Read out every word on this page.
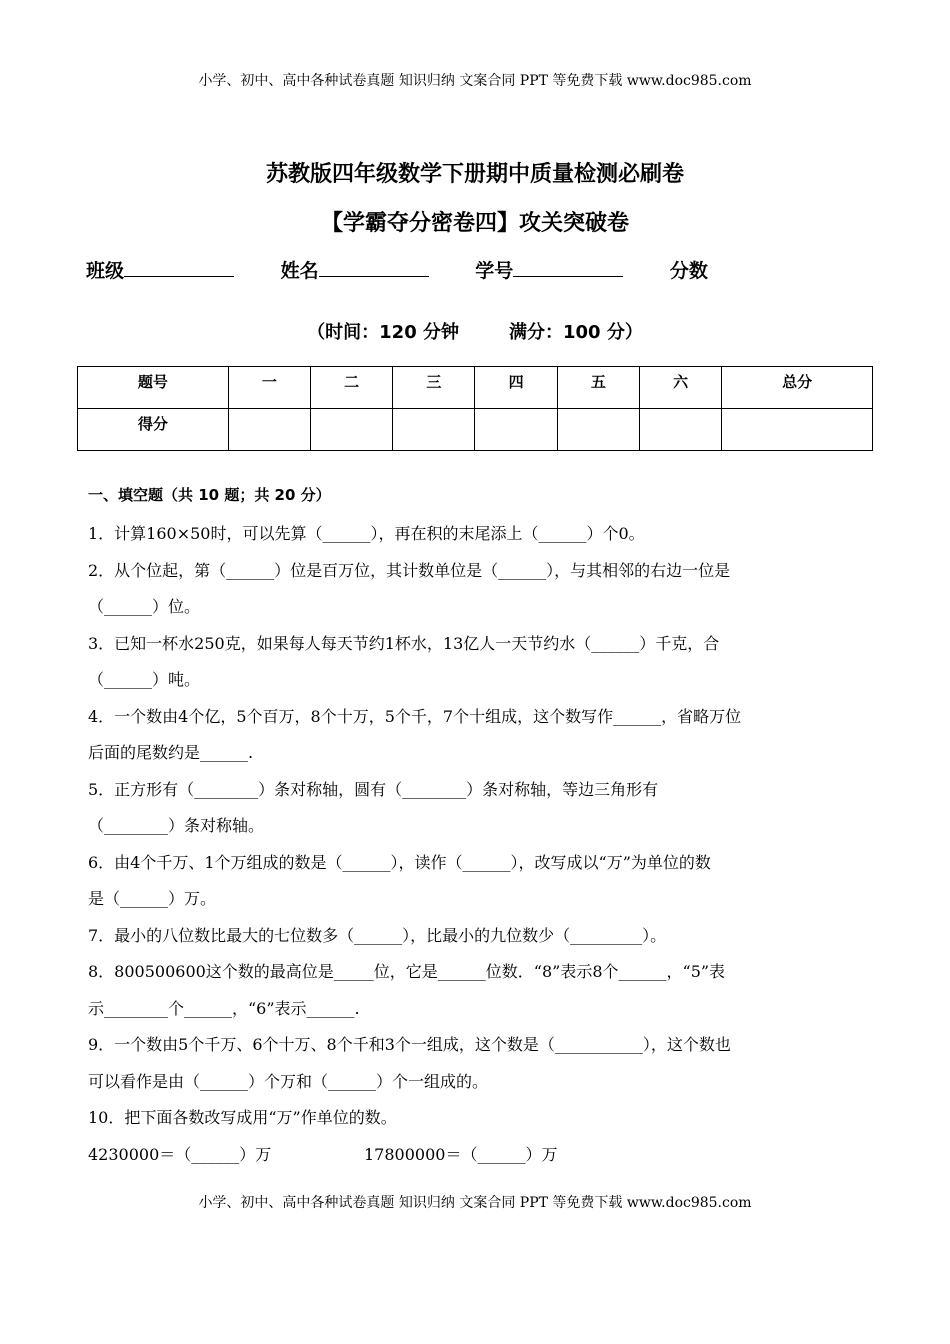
小学、初中、高中各种试卷真题 知识归纳 文案合同 PPT 等免费下载 www.doc985.com
苏教版四年级数学下册期中质量检测必刷卷
【学霸夺分密卷四】攻关突破卷
班级	姓名	学号	分数
（时间：120 分钟	满分：100 分）
题号	一	二	三	四	五	六	总分
得分							
一、填空题（共 10 题；共 20 分）

1．计算160×50时，可以先算（______），再在积的末尾添上（______）个0。

2．从个位起，第（______）位是百万位，其计数单位是（______），与其相邻的右边一位是

（______）位。

3．已知一杯水250克，如果每人每天节约1杯水，13亿人一天节约水（______）千克，合

（______）吨。

4．一个数由4个亿，5个百万，8个十万，5个千，7个十组成，这个数写作______，省略万位

后面的尾数约是______.

5．正方形有（________）条对称轴，圆有（________）条对称轴，等边三角形有

（________）条对称轴。

6．由4个千万、1个万组成的数是（______），读作（______），改写成以“万”为单位的数

是（______）万。

7．最小的八位数比最大的七位数多（______），比最小的九位数少（_________）。

8．800500600这个数的最高位是_____位，它是______位数．“8”表示8个______，“5”表

示________个______，“6”表示______.

9．一个数由5个千万、6个十万、8个千和3个一组成，这个数是（___________），这个数也

可以看作是由（______）个万和（______）个一组成的。

10．把下面各数改写成用“万”作单位的数。

4230000＝（______）万	17800000＝（______）万

小学、初中、高中各种试卷真题 知识归纳 文案合同 PPT 等免费下载 www.doc985.com
